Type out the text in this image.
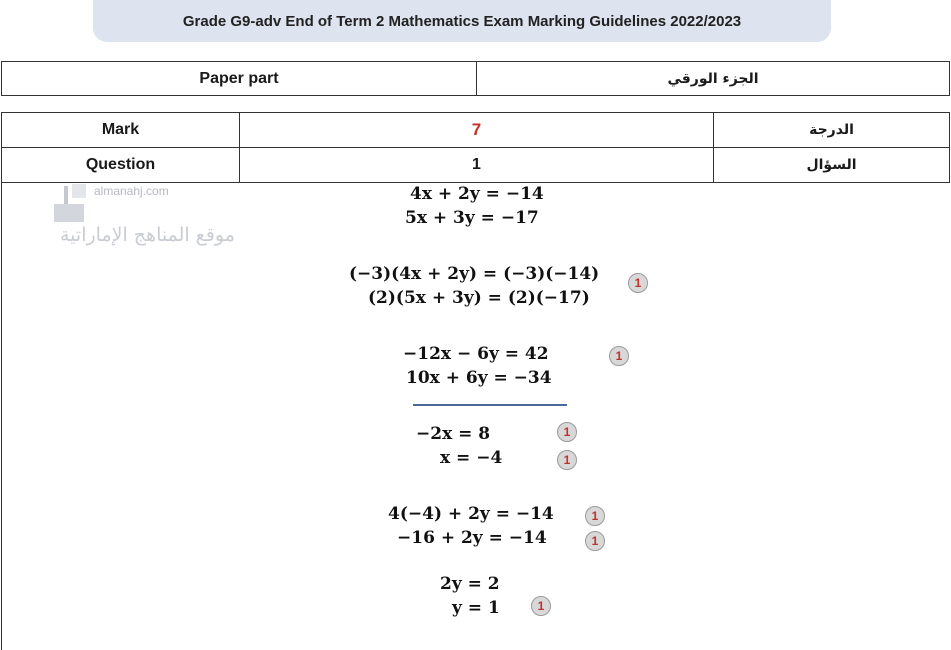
Grade G9-adv End of Term 2 Mathematics Exam Marking Guidelines 2022/2023
Paper part	الجزء الورقي
Mark	7	الدرجة
Question	1	السؤال
almanahj.com
موقع المناهج الإماراتية
4x + 2y = −14
5x + 3y = −17
(−3)(4x + 2y) = (−3)(−14)
(2)(5x + 3y) = (2)(−17)
1
−12x − 6y = 42
10x + 6y = −34
1
−2x = 8	1
x = −4	1
4(−4) + 2y = −14	1
−16 + 2y = −14	1
2y = 2
y = 1	1
